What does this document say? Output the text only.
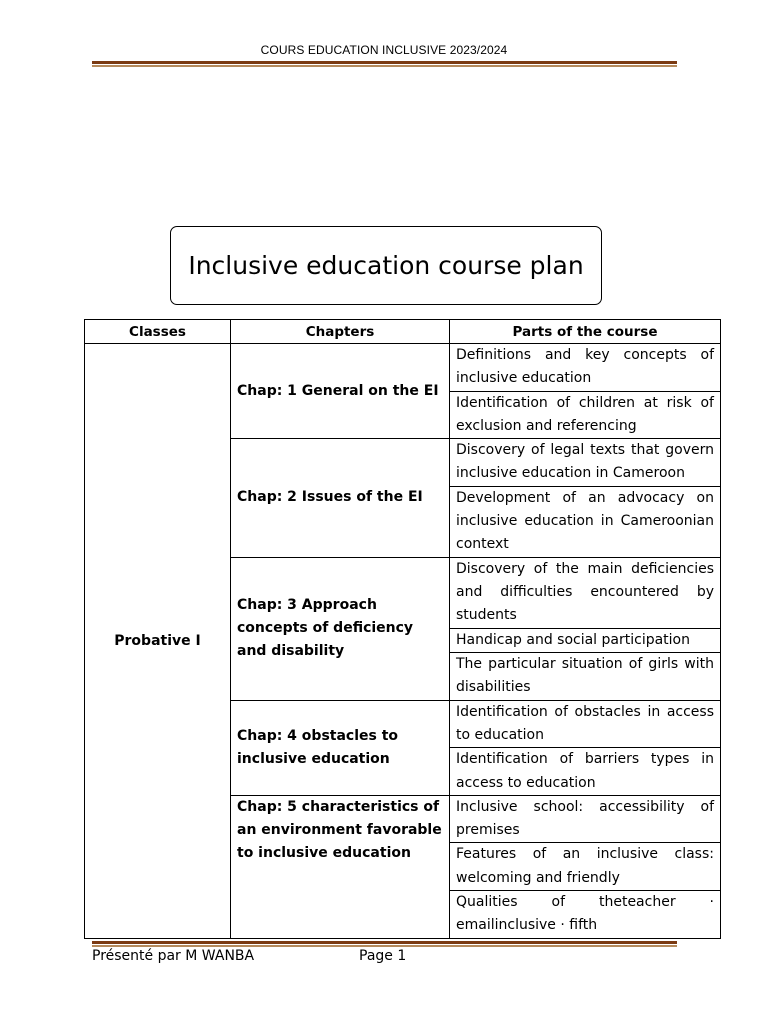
COURS EDUCATION INCLUSIVE 2023/2024
Inclusive education course plan
Classes	Chapters	Parts of the course
Probative I	Chap: 1 General on the EI	Definitions and key concepts of inclusive education
		Identification of children at risk of exclusion and referencing
	Chap: 2 Issues of the EI	Discovery of legal texts that govern inclusive education in Cameroon
		Development of an advocacy on inclusive education in Cameroonian context
	Chap: 3 Approach concepts of deficiency and disability	Discovery of the main deficiencies and difficulties encountered by students
		Handicap and social participation
		The particular situation of girls with disabilities
	Chap: 4 obstacles to inclusive education	Identification of obstacles in access to education
		Identification of barriers types in access to education
	Chap: 5 characteristics of an environment favorable to inclusive education	Inclusive school: accessibility of premises
		Features of an inclusive class: welcoming and friendly
		Qualities of theteacher · emailinclusive · fifth
Présenté par M WANBA	Page 1
